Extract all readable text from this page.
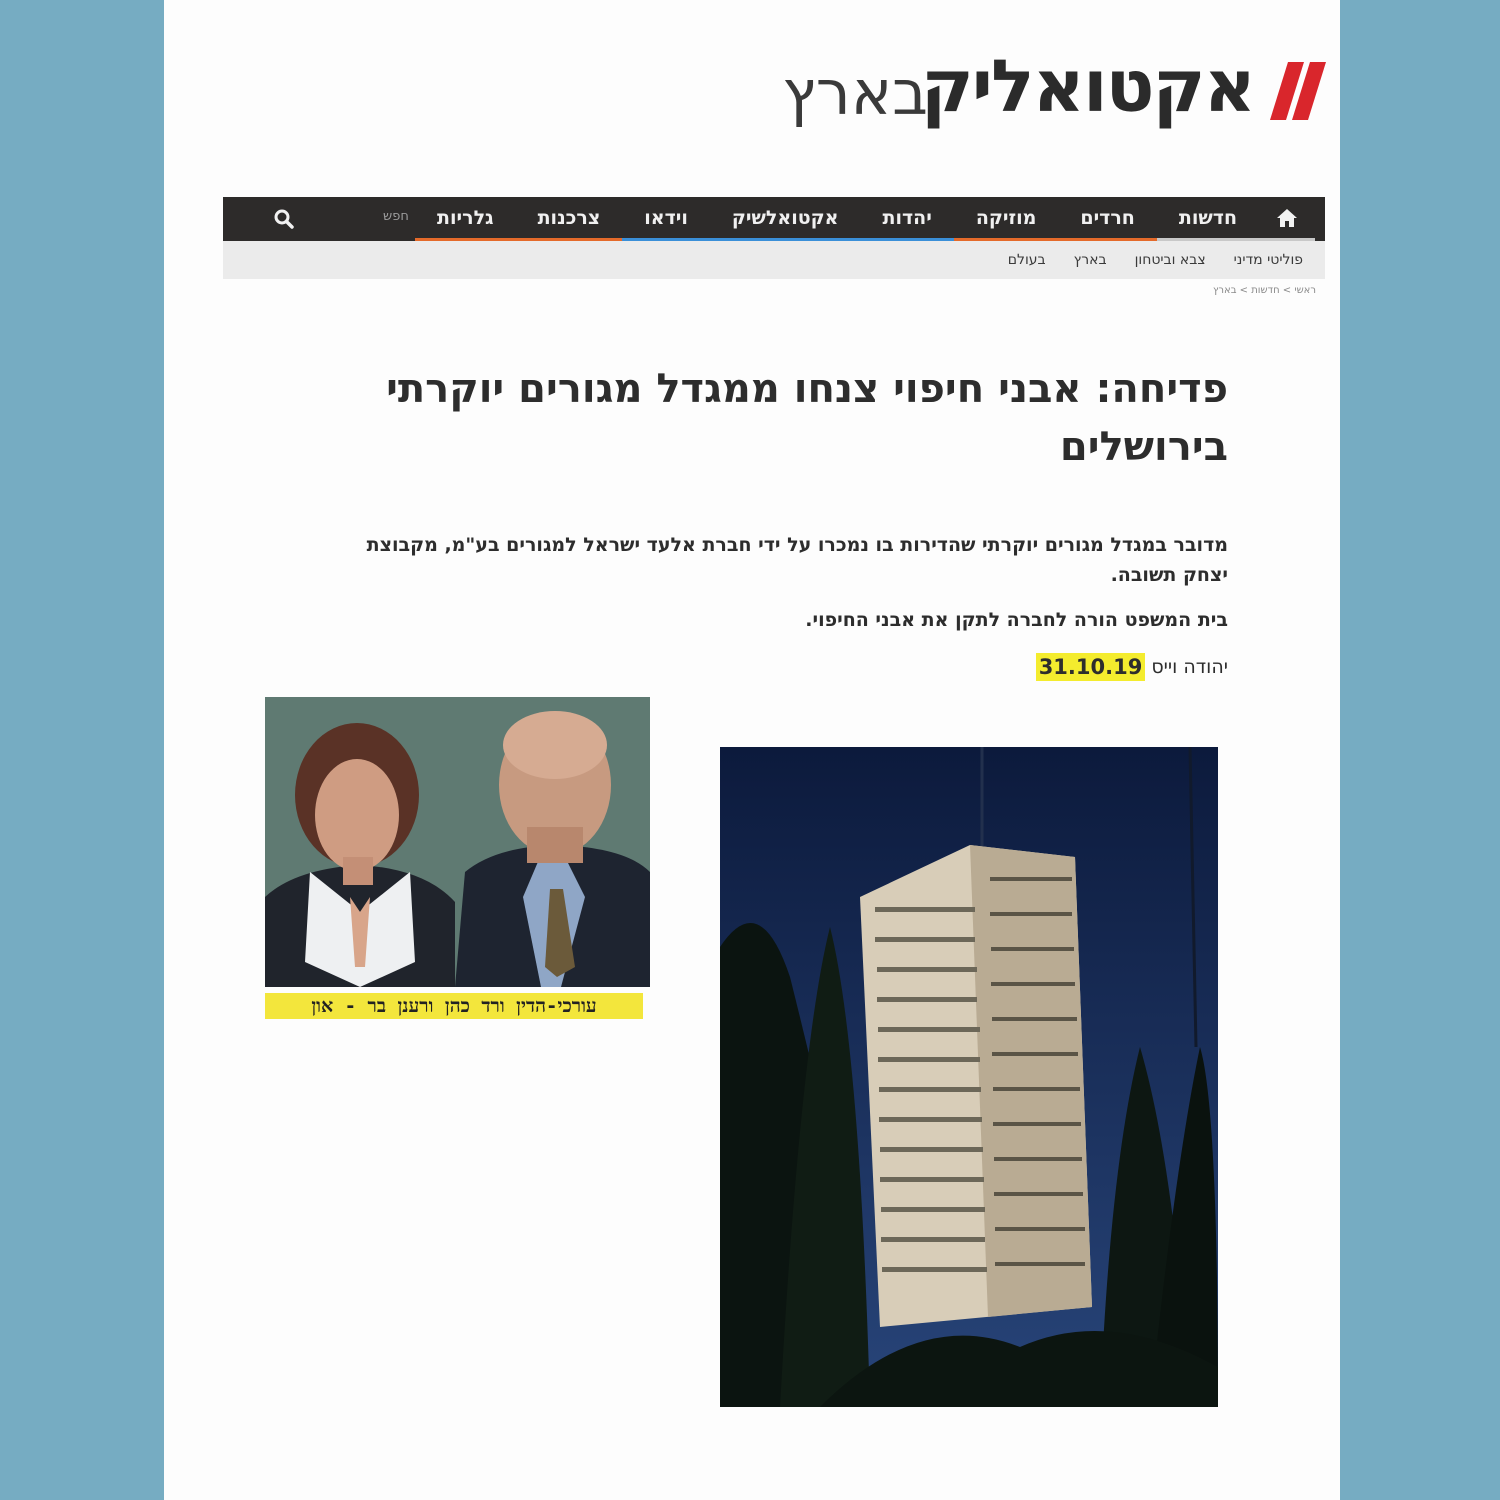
אקטואליק
בארץ
חדשות
חרדים
מוזיקה
יהדות
אקטואלשיק
וידאו
צרכנות
גלריות
חפש
פוליטי מדיני
צבא וביטחון
בארץ
בעולם
ראשי > חדשות > בארץ
פדיחה: אבני חיפוי צנחו ממגדל מגורים יוקרתי בירושלים

מדובר במגדל מגורים יוקרתי שהדירות בו נמכרו על ידי חברת אלעד ישראל למגורים בע"מ, מקבוצת יצחק תשובה.

בית המשפט הורה לחברה לתקן את אבני החיפוי.

יהודה וייס
31.10.19
עורכי-הדין ורד כהן ורענן בר - און
